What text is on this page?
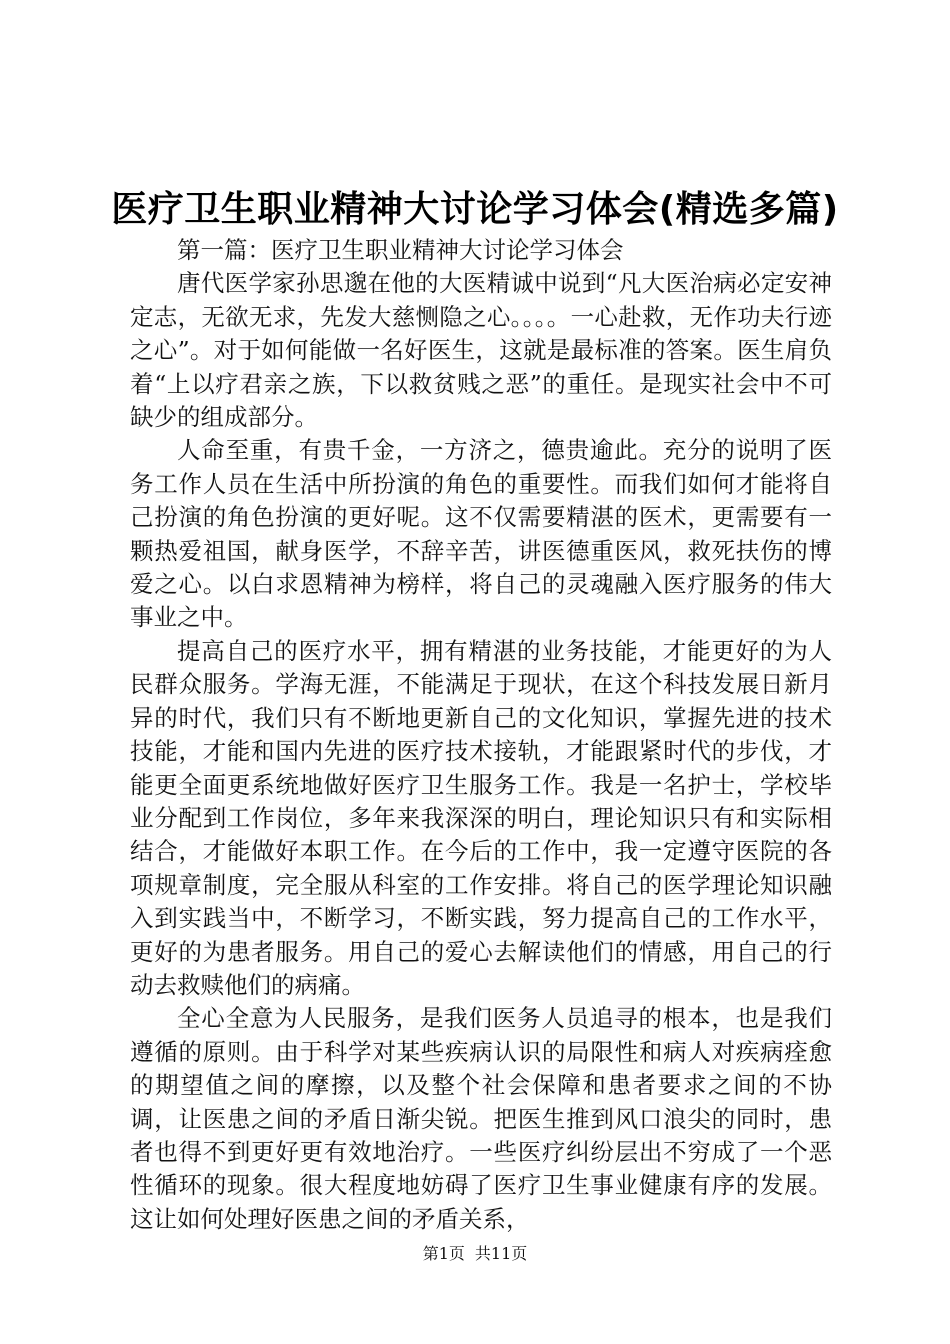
医疗卫生职业精神大讨论学习体会(精选多篇)

第一篇：医疗卫生职业精神大讨论学习体会

唐代医学家孙思邈在他的大医精诚中说到“凡大医治病必定安神定志，无欲无求，先发大慈恻隐之心。。。。一心赴救，无作功夫行迹之心”。对于如何能做一名好医生，这就是最标准的答案。医生肩负着“上以疗君亲之族，下以救贫贱之恶”的重任。是现实社会中不可缺少的组成部分。

人命至重，有贵千金，一方济之，德贵逾此。充分的说明了医务工作人员在生活中所扮演的角色的重要性。而我们如何才能将自己扮演的角色扮演的更好呢。这不仅需要精湛的医术，更需要有一颗热爱祖国，献身医学，不辞辛苦，讲医德重医风，救死扶伤的博爱之心。以白求恩精神为榜样，将自己的灵魂融入医疗服务的伟大事业之中。

提高自己的医疗水平，拥有精湛的业务技能，才能更好的为人民群众服务。学海无涯，不能满足于现状，在这个科技发展日新月异的时代，我们只有不断地更新自己的文化知识，掌握先进的技术技能，才能和国内先进的医疗技术接轨，才能跟紧时代的步伐，才能更全面更系统地做好医疗卫生服务工作。我是一名护士，学校毕业分配到工作岗位，多年来我深深的明白，理论知识只有和实际相结合，才能做好本职工作。在今后的工作中，我一定遵守医院的各项规章制度，完全服从科室的工作安排。将自己的医学理论知识融入到实践当中，不断学习，不断实践，努力提高自己的工作水平，更好的为患者服务。用自己的爱心去解读他们的情感，用自己的行动去救赎他们的病痛。

全心全意为人民服务，是我们医务人员追寻的根本，也是我们遵循的原则。由于科学对某些疾病认识的局限性和病人对疾病痊愈的期望值之间的摩擦，以及整个社会保障和患者要求之间的不协调，让医患之间的矛盾日渐尖锐。把医生推到风口浪尖的同时，患者也得不到更好更有效地治疗。一些医疗纠纷层出不穷成了一个恶性循环的现象。很大程度地妨碍了医疗卫生事业健康有序的发展。这让如何处理好医患之间的矛盾关系，

第1页 共11页
